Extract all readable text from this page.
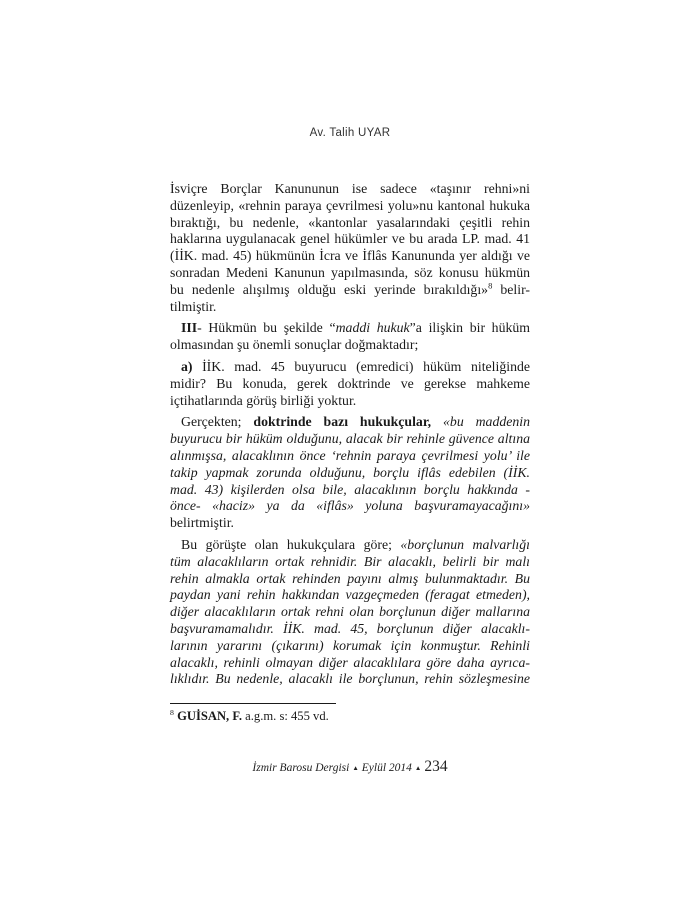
Av. Talih UYAR
İsviçre Borçlar Kanununun ise sadece «taşınır rehni»ni
düzenleyip, «rehnin paraya çevrilmesi yolu»nu kantonal hukuka
bıraktığı, bu nedenle, «kantonlar yasalarındaki çeşitli rehin
haklarına uygulanacak genel hükümler ve bu arada LP. mad. 41
(İİK. mad. 45) hükmünün İcra ve İflâs Kanununda yer aldığı ve
sonradan Medeni Kanunun yapılmasında, söz konusu hükmün
bu nedenle alışılmış olduğu eski yerinde bırakıldığı»$^8$ belir-
tilmiştir.
III- Hükmün bu şekilde “maddi hukuk”a ilişkin bir hüküm
olmasından şu önemli sonuçlar doğmaktadır;
a) İİK. mad. 45 buyurucu (emredici) hüküm niteliğinde
midir? Bu konuda, gerek doktrinde ve gerekse mahkeme
içtihatlarında görüş birliği yoktur.
Gerçekten; doktrinde bazı hukukçular, «bu maddenin
buyurucu bir hüküm olduğunu, alacak bir rehinle güvence altına
alınmışsa, alacaklının önce ‘rehnin paraya çevrilmesi yolu’ ile
takip yapmak zorunda olduğunu, borçlu iflâs edebilen (İİK.
mad. 43) kişilerden olsa bile, alacaklının borçlu hakkında -
önce- «haciz» ya da «iflâs» yoluna başvuramayacağını»
belirtmiştir.
Bu görüşte olan hukukçulara göre; «borçlunun malvarlığı
tüm alacaklıların ortak rehnidir. Bir alacaklı, belirli bir malı
rehin almakla ortak rehinden payını almış bulunmaktadır. Bu
paydan yani rehin hakkından vazgeçmeden (feragat etmeden),
diğer alacaklıların ortak rehni olan borçlunun diğer mallarına
başvuramamalıdır. İİK. mad. 45, borçlunun diğer alacaklı-
larının yararını (çıkarını) korumak için konmuştur. Rehinli
alacaklı, rehinli olmayan diğer alacaklılara göre daha ayrıca-
lıklıdır. Bu nedenle, alacaklı ile borçlunun, rehin sözleşmesine
$^8$ GUİSAN, F. a.g.m. s: 455 vd.
İzmir Barosu Dergisi ▲ Eylül 2014 ▲ 234
